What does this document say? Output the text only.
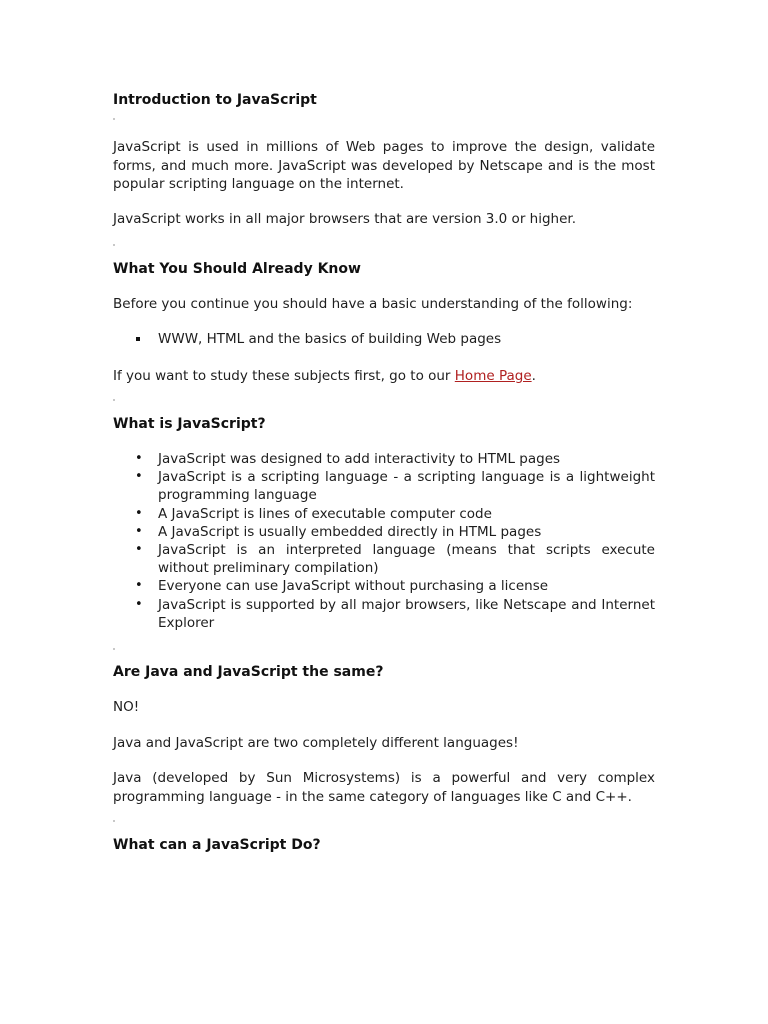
Introduction to JavaScript

JavaScript is used in millions of Web pages to improve the design, validate forms, and much more. JavaScript was developed by Netscape and is the most popular scripting language on the internet.

JavaScript works in all major browsers that are version 3.0 or higher.

What You Should Already Know

Before you continue you should have a basic understanding of the following:

WWW, HTML and the basics of building Web pages

If you want to study these subjects first, go to our Home Page.

What is JavaScript?
• JavaScript was designed to add interactivity to HTML pages
• JavaScript is a scripting language - a scripting language is a lightweight programming language
• A JavaScript is lines of executable computer code
• A JavaScript is usually embedded directly in HTML pages
• JavaScript is an interpreted language (means that scripts execute without preliminary compilation)
• Everyone can use JavaScript without purchasing a license
• JavaScript is supported by all major browsers, like Netscape and Internet Explorer
Are Java and JavaScript the same?

NO!

Java and JavaScript are two completely different languages!

Java (developed by Sun Microsystems) is a powerful and very complex programming language - in the same category of languages like C and C++.

What can a JavaScript Do?
